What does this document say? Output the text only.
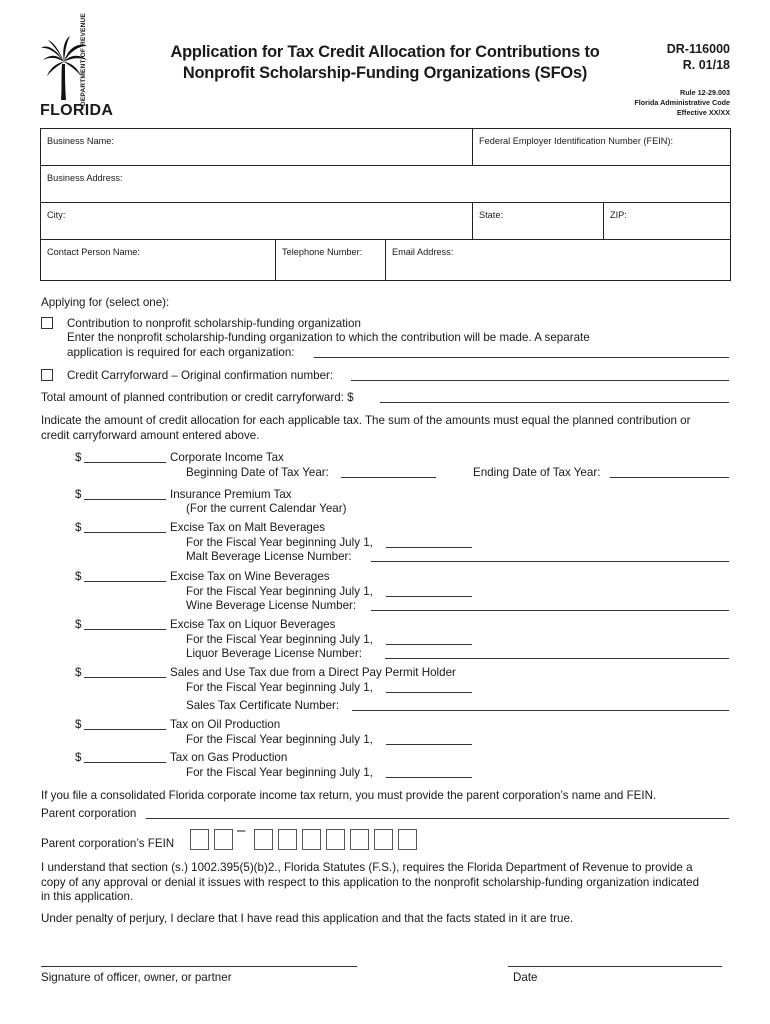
DEPARTMENT OF REVENUE
FLORIDA
Application for Tax Credit Allocation for Contributions to
Nonprofit Scholarship-Funding Organizations (SFOs)
DR-116000
R. 01/18
Rule 12-29.003
Florida Administrative Code
Effective XX/XX
Business Name:	Federal Employer Identification Number (FEIN):
Business Address:
City:	State:	ZIP:
Contact Person Name:	Telephone Number:	Email Address:
Applying for (select one):
Contribution to nonprofit scholarship-funding organization
Enter the nonprofit scholarship-funding organization to which the contribution will be made. A separate
application is required for each organization:
Credit Carryforward – Original confirmation number:
Total amount of planned contribution or credit carryforward: $
Indicate the amount of credit allocation for each applicable tax. The sum of the amounts must equal the planned contribution or
credit carryforward amount entered above.
$	Corporate Income Tax
Beginning Date of Tax Year:	Ending Date of Tax Year:
$	Insurance Premium Tax
(For the current Calendar Year)
$	Excise Tax on Malt Beverages
For the Fiscal Year beginning July 1,
Malt Beverage License Number:
$	Excise Tax on Wine Beverages
For the Fiscal Year beginning July 1,
Wine Beverage License Number:
$	Excise Tax on Liquor Beverages
For the Fiscal Year beginning July 1,
Liquor Beverage License Number:
$	Sales and Use Tax due from a Direct Pay Permit Holder
For the Fiscal Year beginning July 1,
Sales Tax Certificate Number:
$	Tax on Oil Production
For the Fiscal Year beginning July 1,
$	Tax on Gas Production
For the Fiscal Year beginning July 1,
If you file a consolidated Florida corporate income tax return, you must provide the parent corporation’s name and FEIN.
Parent corporation
Parent corporation’s FEIN
–
I understand that section (s.) 1002.395(5)(b)2., Florida Statutes (F.S.), requires the Florida Department of Revenue to provide a
copy of any approval or denial it issues with respect to this application to the nonprofit scholarship-funding organization indicated
in this application.
Under penalty of perjury, I declare that I have read this application and that the facts stated in it are true.
Signature of officer, owner, or partner	Date
